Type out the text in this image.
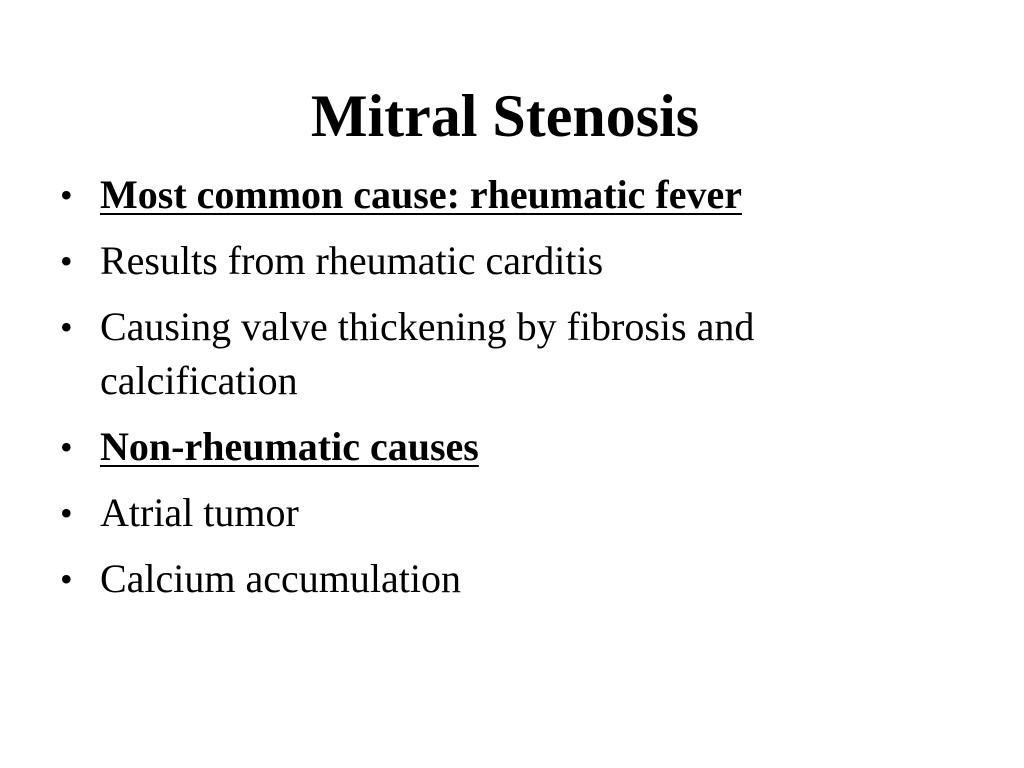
Mitral Stenosis
• Most common cause: rheumatic fever
• Results from rheumatic carditis
• Causing valve thickening by fibrosis and calcification
• Non-rheumatic causes
• Atrial tumor
• Calcium accumulation
